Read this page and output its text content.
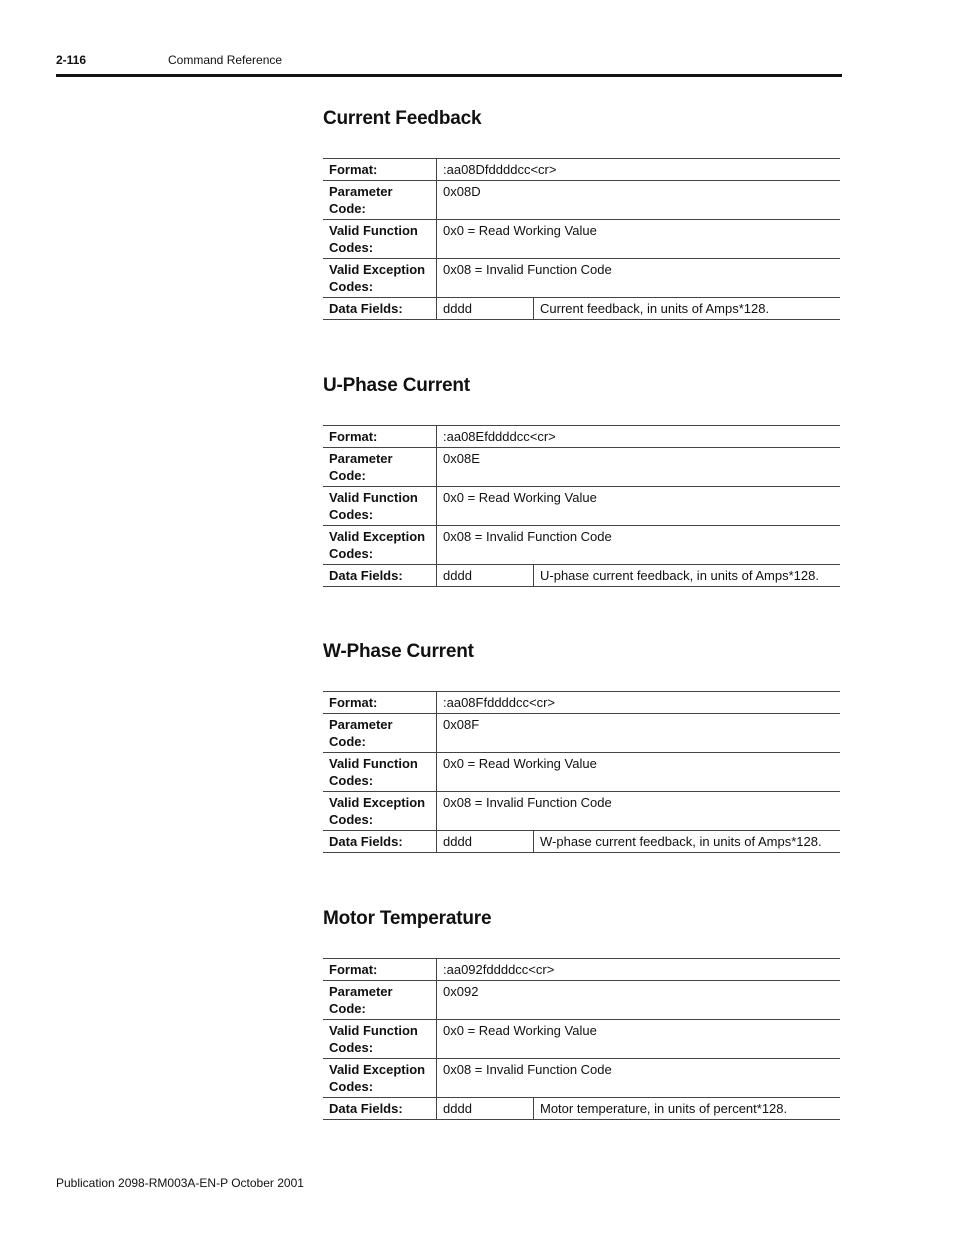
2-116	Command Reference
Current Feedback
Format:	:aa08Dfddddcc<cr>	
Parameter Code:	0x08D	
Valid Function Codes:	0x0 = Read Working Value	
Valid Exception Codes:	0x08 = Invalid Function Code	
Data Fields:	dddd	Current feedback, in units of Amps*128.
U-Phase Current
Format:	:aa08Efddddcc<cr>	
Parameter Code:	0x08E	
Valid Function Codes:	0x0 = Read Working Value	
Valid Exception Codes:	0x08 = Invalid Function Code	
Data Fields:	dddd	U-phase current feedback, in units of Amps*128.
W-Phase Current
Format:	:aa08Ffddddcc<cr>	
Parameter Code:	0x08F	
Valid Function Codes:	0x0 = Read Working Value	
Valid Exception Codes:	0x08 = Invalid Function Code	
Data Fields:	dddd	W-phase current feedback, in units of Amps*128.
Motor Temperature
Format:	:aa092fddddcc<cr>	
Parameter Code:	0x092	
Valid Function Codes:	0x0 = Read Working Value	
Valid Exception Codes:	0x08 = Invalid Function Code	
Data Fields:	dddd	Motor temperature, in units of percent*128.
Publication 2098-RM003A-EN-P October 2001
